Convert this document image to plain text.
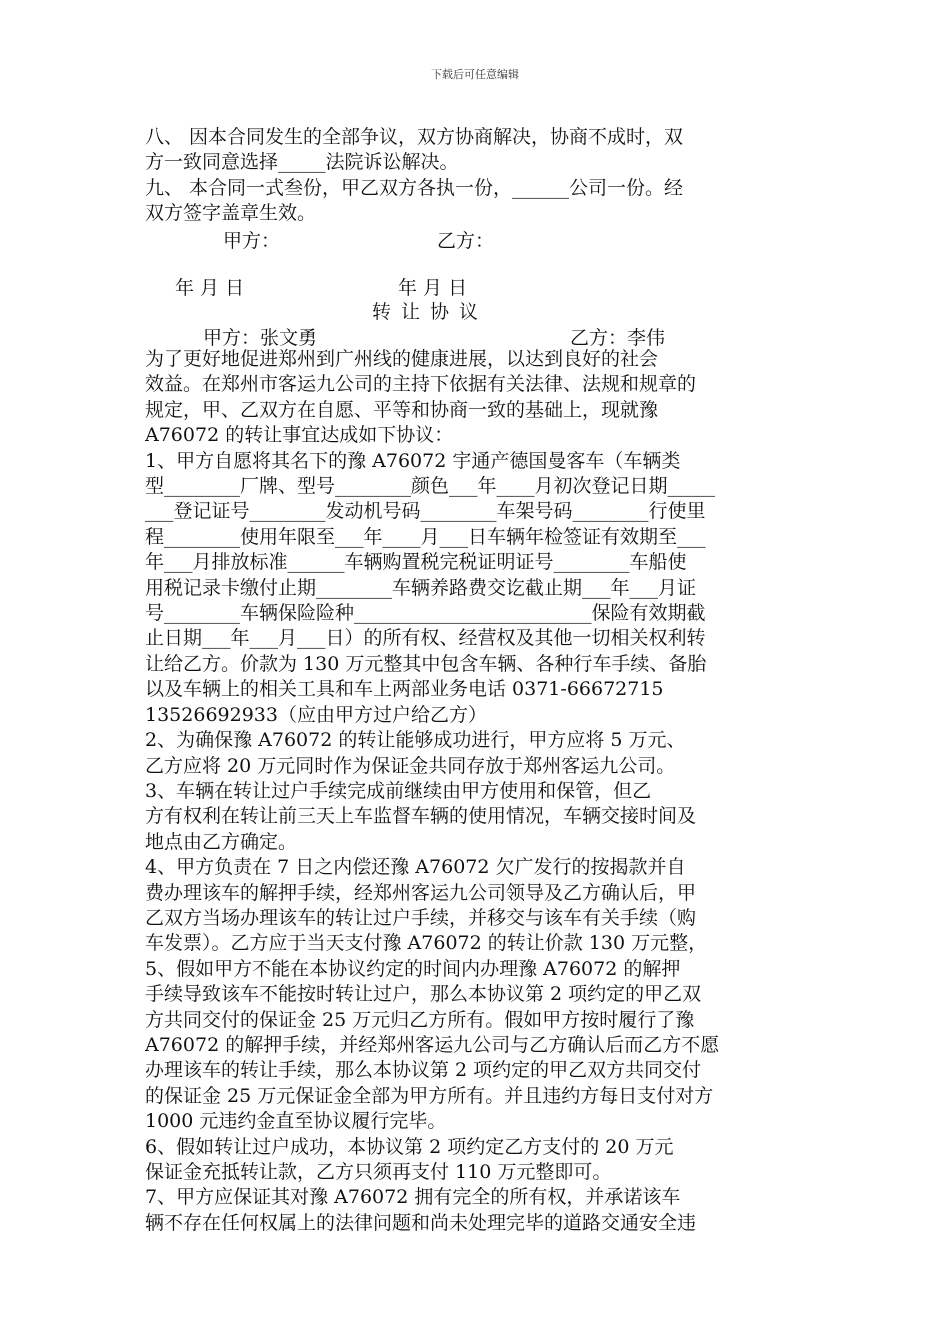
下载后可任意编辑
八、 因本合同发生的全部争议，双方协商解决，协商不成时，双
方一致同意选择_____法院诉讼解决。
九、 本合同一式叁份，甲乙双方各执一份，______公司一份。经
双方签字盖章生效。
甲方：	乙方：
年 月 日	年 月 日
转让协议
甲方：张文勇	乙方：李伟
为了更好地促进郑州到广州线的健康进展，以达到良好的社会
效益。在郑州市客运九公司的主持下依据有关法律、法规和规章的
规定，甲、乙双方在自愿、平等和协商一致的基础上，现就豫
A76072 的转让事宜达成如下协议：
1、甲方自愿将其名下的豫 A76072 宇通产德国曼客车（车辆类
型________厂牌、型号________颜色___年____月初次登记日期_____
___登记证号________发动机号码________车架号码________行使里
程________使用年限至___年____月___日车辆年检签证有效期至___
年___月排放标准______车辆购置税完税证明证号________车船使
用税记录卡缴付止期________车辆养路费交讫截止期___年___月证
号________车辆保险险种_________________________保险有效期截
止日期___年___月___日）的所有权、经营权及其他一切相关权利转
让给乙方。价款为 130 万元整其中包含车辆、各种行车手续、备胎
以及车辆上的相关工具和车上两部业务电话 0371-66672715
13526692933（应由甲方过户给乙方）
2、为确保豫 A76072 的转让能够成功进行，甲方应将 5 万元、
乙方应将 20 万元同时作为保证金共同存放于郑州客运九公司。
3、车辆在转让过户手续完成前继续由甲方使用和保管，但乙
方有权利在转让前三天上车监督车辆的使用情况，车辆交接时间及
地点由乙方确定。
4、甲方负责在 7 日之内偿还豫 A76072 欠广发行的按揭款并自
费办理该车的解押手续，经郑州客运九公司领导及乙方确认后，甲
乙双方当场办理该车的转让过户手续，并移交与该车有关手续（购
车发票）。乙方应于当天支付豫 A76072 的转让价款 130 万元整，
5、假如甲方不能在本协议约定的时间内办理豫 A76072 的解押
手续导致该车不能按时转让过户，那么本协议第 2 项约定的甲乙双
方共同交付的保证金 25 万元归乙方所有。假如甲方按时履行了豫
A76072 的解押手续，并经郑州客运九公司与乙方确认后而乙方不愿
办理该车的转让手续，那么本协议第 2 项约定的甲乙双方共同交付
的保证金 25 万元保证金全部为甲方所有。并且违约方每日支付对方
1000 元违约金直至协议履行完毕。
6、假如转让过户成功，本协议第 2 项约定乙方支付的 20 万元
保证金充抵转让款，乙方只须再支付 110 万元整即可。
7、甲方应保证其对豫 A76072 拥有完全的所有权，并承诺该车
辆不存在任何权属上的法律问题和尚未处理完毕的道路交通安全违
